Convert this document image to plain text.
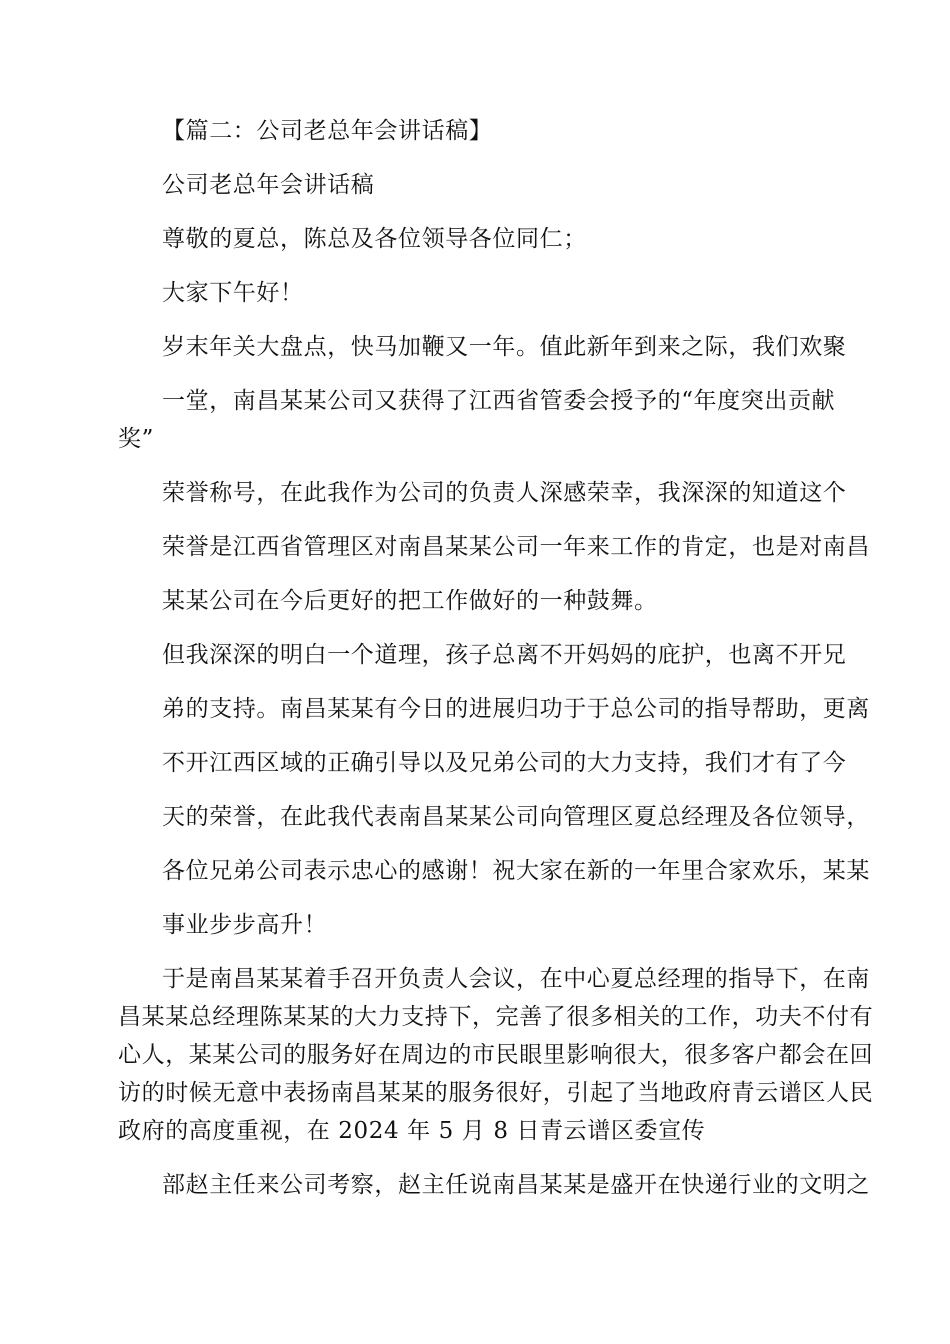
【篇二：公司老总年会讲话稿】
公司老总年会讲话稿
尊敬的夏总，陈总及各位领导各位同仁；
大家下午好！
岁末年关大盘点，快马加鞭又一年。值此新年到来之际，我们欢聚
一堂，南昌某某公司又获得了江西省管委会授予的“年度突出贡献
奖”
荣誉称号，在此我作为公司的负责人深感荣幸，我深深的知道这个
荣誉是江西省管理区对南昌某某公司一年来工作的肯定，也是对南昌
某某公司在今后更好的把工作做好的一种鼓舞。
但我深深的明白一个道理，孩子总离不开妈妈的庇护，也离不开兄
弟的支持。南昌某某有今日的进展归功于于总公司的指导帮助，更离
不开江西区域的正确引导以及兄弟公司的大力支持，我们才有了今
天的荣誉，在此我代表南昌某某公司向管理区夏总经理及各位领导，
各位兄弟公司表示忠心的感谢！祝大家在新的一年里合家欢乐，某某
事业步步高升！
于是南昌某某着手召开负责人会议，在中心夏总经理的指导下，在南
昌某某总经理陈某某的大力支持下，完善了很多相关的工作，功夫不付有
心人，某某公司的服务好在周边的市民眼里影响很大，很多客户都会在回
访的时候无意中表扬南昌某某的服务很好，引起了当地政府青云谱区人民
政府的高度重视，在 2024 年 5 月 8 日青云谱区委宣传
部赵主任来公司考察，赵主任说南昌某某是盛开在快递行业的文明之
